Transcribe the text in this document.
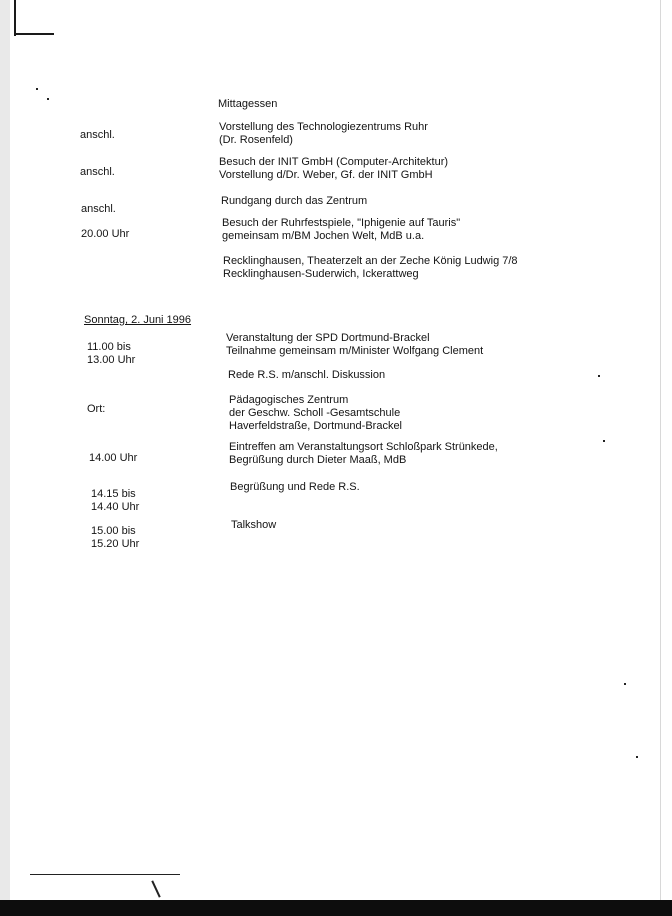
Mittagessen
anschl.
Vorstellung des Technologiezentrums Ruhr
(Dr. Rosenfeld)
anschl.
Besuch der INIT GmbH (Computer-Architektur)
Vorstellung d/Dr. Weber, Gf. der INIT GmbH
anschl.
Rundgang durch das Zentrum
20.00 Uhr
Besuch der Ruhrfestspiele, "Iphigenie auf Tauris"
gemeinsam m/BM Jochen Welt, MdB u.a.
Recklinghausen, Theaterzelt an der Zeche König Ludwig 7/8
Recklinghausen-Suderwich, Ickerattweg
Sonntag, 2. Juni 1996
11.00 bis
13.00 Uhr
Veranstaltung der SPD Dortmund-Brackel
Teilnahme gemeinsam m/Minister Wolfgang Clement
Rede R.S. m/anschl. Diskussion
Ort:
Pädagogisches Zentrum
der Geschw. Scholl -Gesamtschule
Haverfeldstraße, Dortmund-Brackel
14.00 Uhr
Eintreffen am Veranstaltungsort Schloßpark Strünkede,
Begrüßung durch Dieter Maaß, MdB
14.15 bis
14.40 Uhr
Begrüßung und Rede R.S.
15.00 bis
15.20 Uhr
Talkshow
